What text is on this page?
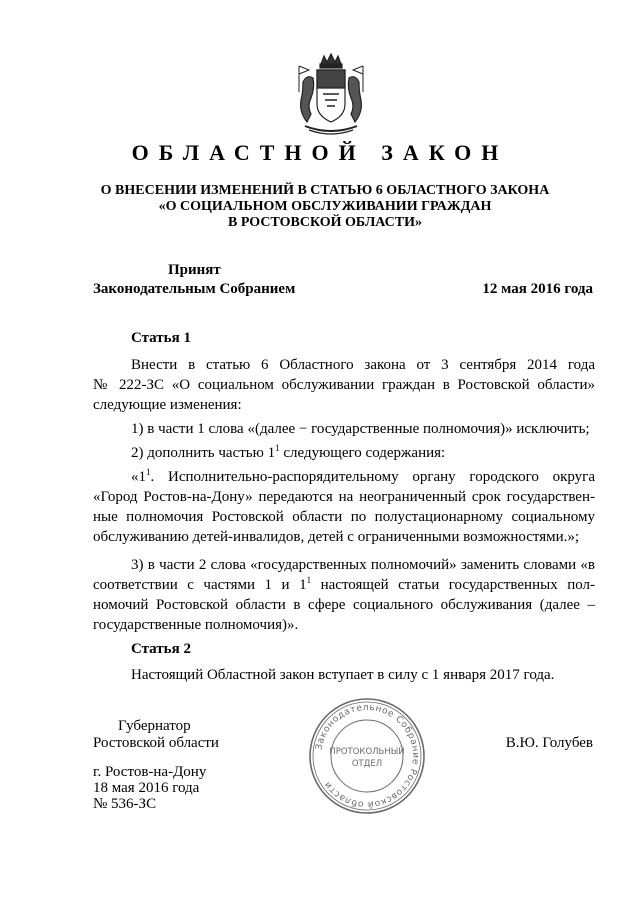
ОБЛАСТНОЙ ЗАКОН
О ВНЕСЕНИИ ИЗМЕНЕНИЙ В СТАТЬЮ 6 ОБЛАСТНОГО ЗАКОНА
«О СОЦИАЛЬНОМ ОБСЛУЖИВАНИИ ГРАЖДАН
В РОСТОВСКОЙ ОБЛАСТИ»
Принят
Законодательным Собранием	12 мая 2016 года
Статья 1
Внести в статью 6 Областного закона от 3 сентября 2014 года
№ 222-ЗС «О социальном обслуживании граждан в Ростовской области»
следующие изменения:
1) в части 1 слова «(далее − государственные полномочия)» исключить;
2) дополнить частью $1^1$ следующего содержания:
«$1^1$. Исполнительно-распорядительному органу городского округа «Город Ростов-на-Дону» передаются на неограниченный срок государствен-ные полномочия Ростовской области по полустационарному социальному обслуживанию детей-инвалидов, детей с ограниченными возможностями.»;
3) в части 2 слова «государственных полномочий» заменить словами «в соответствии с частями 1 и $1^1$ настоящей статьи государственных пол-номочий Ростовской области в сфере социального обслуживания (далее – государственные полномочия)».
Статья 2
Настоящий Областной закон вступает в силу с 1 января 2017 года.
Законодательное Собрание Ростовской области
ПРОТОКОЛЬНЫЙ
ОТДЕЛ
Губернатор
Ростовской области	В.Ю. Голубев
г. Ростов-на-Дону
18 мая 2016 года
№ 536-ЗС
